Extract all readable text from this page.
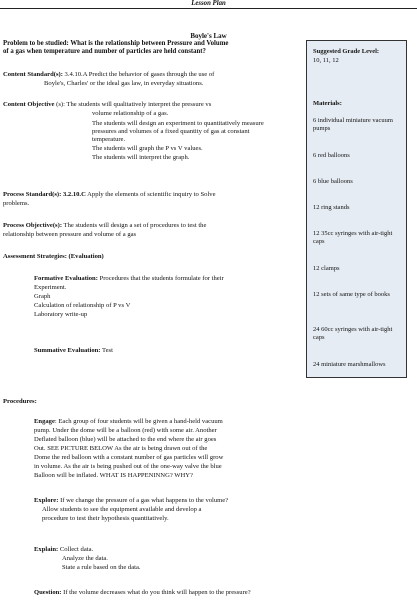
Lesson Plan
Boyle's Law
Problem to be studied: What is the relationship between Pressure and Volume
of a gas when temperature and number of particles are held constant?
Content Standard(s): 3.4.10.A Predict the behavior of gases through the use of
Boyle's, Charles' or the ideal gas law, in everyday situations.
Content Objective (s): The students will qualitatively interpret the pressure vs
volume relationship of a gas.
The students will design an experiment to quantitatively measure
pressures and volumes of a fixed quantity of gas at constant
temperature.
The students will graph the P vs V values.
The students will interpret the graph.
Process Standard(s): 3.2.10.C Apply the elements of scientific inquiry to Solve
problems.
Process Objective(s): The students will design a set of procedures to test the
relationship between pressure and volume of a gas
Assessment Strategies: (Evaluation)
Formative Evaluation: Procedures that the students formulate for their
Experiment.
Graph
Calculation of relationship of P vs V
Laboratory write-up
Summative Evaluation: Test
Procedures:
Engage: Each group of four students will be given a hand-held vacuum
pump. Under the dome will be a balloon (red) with some air. Another
Deflated balloon (blue) will be attached to the end where the air goes
Out. SEE PICTURE BELOW As the air is being drawn out of the
Dome the red balloon with a constant number of gas particles will grow
in volume. As the air is being pushed out of the one-way valve the blue
Balloon will be inflated. WHAT IS HAPPENINNG? WHY?
Explore: If we change the pressure of a gas what happens to the volume?
Allow students to see the equipment available and develop a
procedure to test their hypothesis quantitatively.
Explain: Collect data.
Analyze the data.
State a rule based on the data.
Question: If the volume decreases what do you think will happen to the pressure?
Suggested Grade Level:
10, 11, 12
Materials:
6 individual miniature vacuum pumps
6 red balloons
6 blue balloons
12 ring stands
12 35cc syringes with air-tight caps
12 clamps
12 sets of same type of books
24 60cc syringes with air-tight caps
24 miniature marshmallows
